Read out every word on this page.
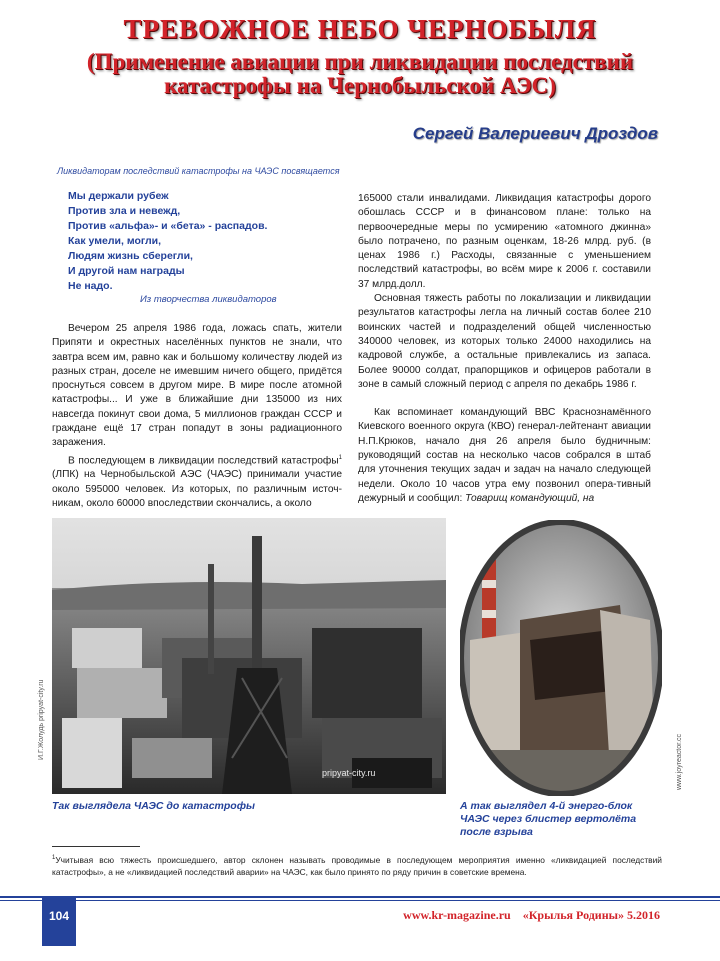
ТРЕВОЖНОЕ НЕБО ЧЕРНОБЫЛЯ
(Применение авиации при ликвидации последствий катастрофы на Чернобыльской АЭС)
Сергей Валериевич Дроздов
Ликвидаторам последствий катастрофы на ЧАЭС посвящается
Мы держали рубеж
Против зла и невежд,
Против «альфа»- и «бета» - распадов.
Как умели, могли,
Людям жизнь сберегли,
И другой нам награды
Не надо.
Из творчества ликвидаторов

Вечером 25 апреля 1986 года, ложась спать, жители Припяти и окрестных населённых пунктов не знали, что завтра всем им, равно как и большому количеству людей из разных стран, доселе не имевшим ничего общего, придётся проснуться совсем в другом мире. В мире после атомной катастрофы... И уже в ближайшие дни 135000 из них навсегда покинут свои дома, 5 миллионов граждан СССР и граждане ещё 17 стран попадут в зоны радиационного заражения.

В последующем в ликвидации последствий катастрофы$^1$ (ЛПК) на Чернобыльской АЭС (ЧАЭС) принимали участие около 595000 человек. Из которых, по различным источ-никам, около 60000 впоследствии скончались, а около

165000 стали инвалидами. Ликвидация катастрофы дорого обошлась СССР и в финансовом плане: только на первоочередные меры по усмирению «атомного джинна» было потрачено, по разным оценкам, 18-26 млрд. руб. (в ценах 1986 г.) Расходы, связанные с уменьшением последствий катастрофы, во всём мире к 2006 г. составили 37 млрд.долл.

Основная тяжесть работы по локализации и ликвидации результатов катастрофы легла на личный состав более 210 воинских частей и подразделений общей численностью 340000 человек, из которых только 24000 находились на кадровой службе, а остальные привлекались из запаса. Более 90000 солдат, прапорщиков и офицеров работали в зоне в самый сложный период с апреля по декабрь 1986 г.

Как вспоминает командующий ВВС Краснознамённого Киевского военного округа (КВО) генерал-лейтенант авиации Н.П.Крюков, начало дня 26 апреля было будничным: руководящий состав на несколько часов собрался в штаб для уточнения текущих задач и задач на начало следующей недели. Около 10 часов утра ему позвонил опера-тивный дежурный и сообщил: Товарищ командующий, на

pripyat-city.ru
И.Г.Жолудь pripyat-city.ru
www.joyreactor.cc
Так выглядела ЧАЭС до катастрофы	А так выглядел 4-й энерго-блок ЧАЭС через блистер вертолёта после взрыва
$^1$Учитывая всю тяжесть происшедшего, автор склонен называть проводимые в последующем мероприятия именно «ликвидацией последствий катастрофы», а не «ликвидацией последствий аварии» на ЧАЭС, как было принято по ряду причин в советские времена.
104	www.kr-magazine.ru «Крылья Родины» 5.2016
